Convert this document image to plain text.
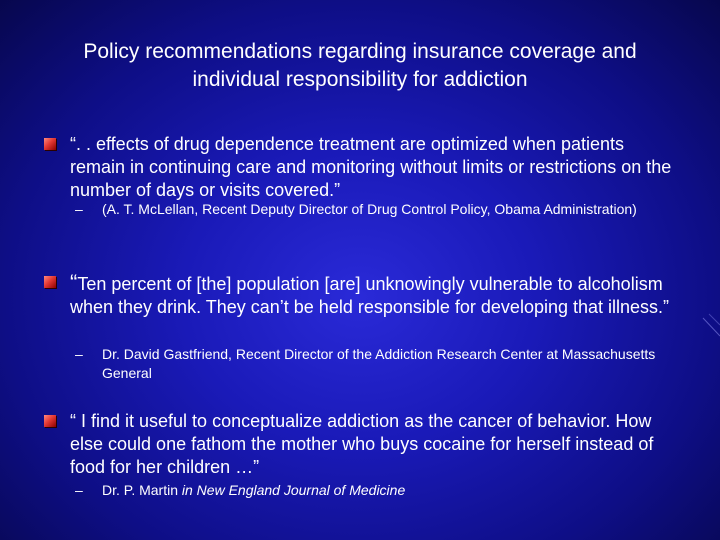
Policy recommendations regarding insurance coverage and
individual responsibility for addiction
“. . effects of drug dependence treatment are optimized when patients remain in continuing care and monitoring without limits or restrictions on the number of days or visits covered.”
– (A. T. McLellan, Recent Deputy Director of Drug Control Policy, Obama Administration)
“Ten percent of [the] population [are] unknowingly vulnerable to alcoholism when they drink. They can’t be held responsible for developing that illness.”
– Dr. David Gastfriend, Recent Director of the Addiction Research Center at Massachusetts General
“ I find it useful to conceptualize addiction as the cancer of behavior. How else could one fathom the mother who buys cocaine for herself instead of food for her children …”
– Dr. P. Martin in New England Journal of Medicine
